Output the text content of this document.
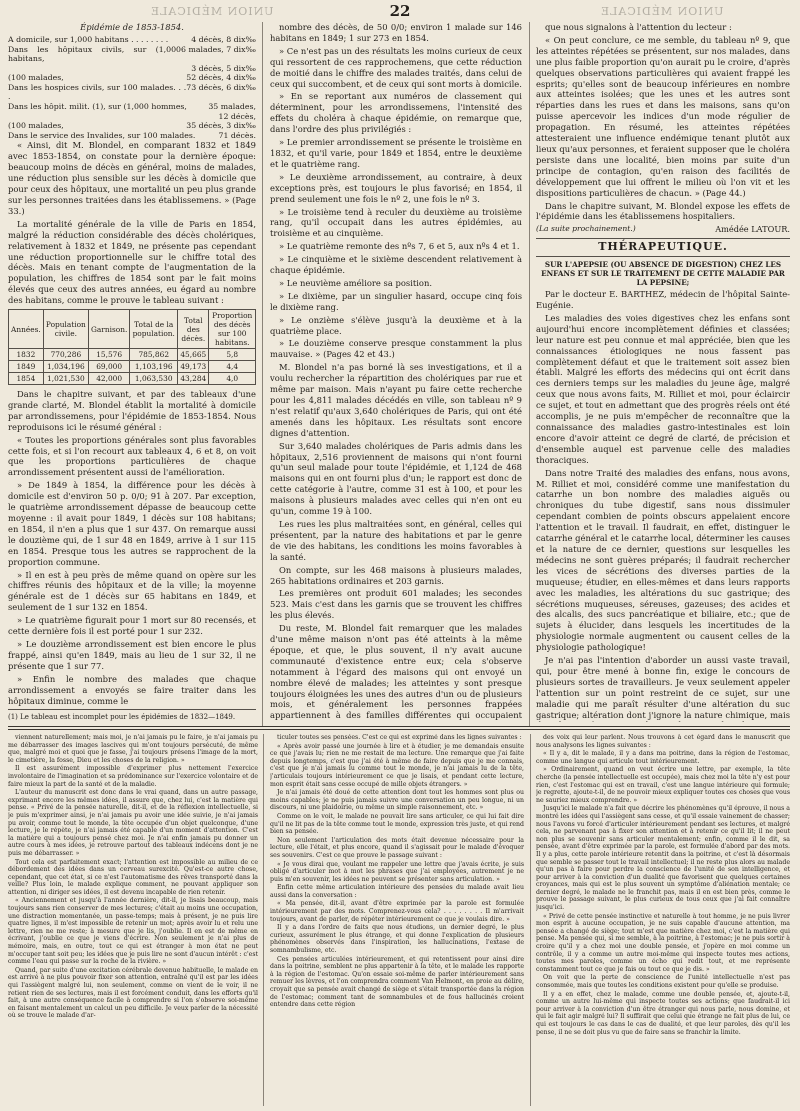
UNION MÉDICALE	22	UNION MÉDICALE

Épidémie de 1853-1854.

A domicile, sur 1,000 habitans . . . . . . . .	4 décès, 8 dix‰

Dans les hôpitaux civils, sur (1,000 habitans,
6 malades, 7 dix‰

3 décès, 5 dix‰

(100 malades,	52 décès, 4 dix‰

Dans les hospices civils, sur 100 malades. . . .
73 décès, 6 dix‰

Dans les hôpit. milit. (1), sur (1,000 hommes,	35 malades,

12 décès,

(100 malades,	35 décès, 3 dix‰

Dans le service des Invalides, sur 100 malades.	71 décès.

« Ainsi, dit M. Blondel, en comparant 1832 et 1849 avec 1853-1854, on constate pour la dernière époque: beaucoup moins de décès en général, moins de malades, une réduction plus sensible sur les décès à domicile que pour ceux des hôpitaux, une mortalité un peu plus grande sur les personnes traitées dans les établissemens. » (Page 33.)

La mortalité générale de la ville de Paris en 1854, malgré la réduction considérable des décès cholériques, relativement à 1832 et 1849, ne présente pas cependant une réduction proportionnelle sur le chiffre total des décès. Mais en tenant compte de l'augmentation de la population, les chiffres de 1854 sont par le fait moins élevés que ceux des autres années, eu égard au nombre des habitans, comme le prouve le tableau suivant :

Années.	Population civile.	Garnison.	Total de la population.	Total des décès.	Proportion des décès sur 100 habitans.
1832	770,286	15,576	785,862	45,665	5,8
1849	1,034,196	69,000	1,103,196	49,173	4,4
1854	1,021,530	42,000	1,063,530	43,284	4,0

Dans le chapitre suivant, et par des tableaux d'une grande clarté, M. Blondel établit la mortalité à domicile par arrondissemens, pour l'épidémie de 1853-1854. Nous reproduisons ici le résumé général :

« Toutes les proportions générales sont plus favorables cette fois, et si l'on recourt aux tableaux 4, 6 et 8, on voit que les proportions particulières de chaque arrondissement présentent aussi de l'amélioration.

» De 1849 à 1854, la différence pour les décès à domicile est d'environ 50 p. 0/0; 91 à 207. Par exception, le quatrième arrondissement dépasse de beaucoup cette moyenne : il avait pour 1849, 1 décès sur 108 habitans; en 1854, il n'en a plus que 1 sur 437. On remarque aussi le douzième qui, de 1 sur 48 en 1849, arrive à 1 sur 115 en 1854. Presque tous les autres se rapprochent de la proportion commune.

» Il en est à peu près de même quand on opère sur les chiffres réunis des hôpitaux et de la ville; la moyenne générale est de 1 décès sur 65 habitans en 1849, et seulement de 1 sur 132 en 1854.

» Le quatrième figurait pour 1 mort sur 80 recensés, et cette dernière fois il est porté pour 1 sur 232.

» Le douzième arrondissement est bien encore le plus frappé, ainsi qu'en 1849, mais au lieu de 1 sur 32, il ne présente que 1 sur 77.

» Enfin le nombre des malades que chaque arrondissement a envoyés se faire traiter dans les hôpitaux diminue, comme le

(1) Le tableau est incomplet pour les épidémies de 1832—1849.

nombre des décès, de 50 0/0; environ 1 malade sur 146 habitans en 1849; 1 sur 273 en 1854.

» Ce n'est pas un des résultats les moins curieux de ceux qui ressortent de ces rapprochemens, que cette réduction de moitié dans le chiffre des malades traités, dans celui de ceux qui succombent, et de ceux qui sont morts à domicile.

» En se reportant aux numéros de classement qui déterminent, pour les arrondissemens, l'intensité des effets du choléra à chaque épidémie, on remarque que, dans l'ordre des plus privilégiés :

» Le premier arrondissement se présente le troisième en 1832, et qu'il varie, pour 1849 et 1854, entre le deuxième et le quatrième rang.

» Le deuxième arrondissement, au contraire, à deux exceptions près, est toujours le plus favorisé; en 1854, il prend seulement une fois le nº 2, une fois le nº 3.

» Le troisième tend à reculer du deuxième au troisième rang, qu'il occupait dans les autres épidémies, au troisième et au cinquième.

» Le quatrième remonte des nºs 7, 6 et 5, aux nºs 4 et 1.

» Le cinquième et le sixième descendent relativement à chaque épidémie.

» Le neuvième améliore sa position.

» Le dixième, par un singulier hasard, occupe cinq fois le dixième rang.

» Le onzième s'élève jusqu'à la deuxième et à la quatrième place.

» Le douzième conserve presque constamment la plus mauvaise. » (Pages 42 et 43.)

M. Blondel n'a pas borné là ses investigations, et il a voulu rechercher la répartition des cholériques par rue et même par maison. Mais n'ayant pu faire cette recherche pour les 4,811 malades décédés en ville, son tableau nº 9 n'est relatif qu'aux 3,640 cholériques de Paris, qui ont été amenés dans les hôpitaux. Les résultats sont encore dignes d'attention.

Sur 3,640 malades cholériques de Paris admis dans les hôpitaux, 2,516 proviennent de maisons qui n'ont fourni qu'un seul malade pour toute l'épidémie, et 1,124 de 468 maisons qui en ont fourni plus d'un; le rapport est donc de cette catégorie à l'autre, comme 31 est à 100, et pour les maisons à plusieurs malades avec celles qui n'en ont eu qu'un, comme 19 à 100.

Les rues les plus maltraitées sont, en général, celles qui présentent, par la nature des habitations et par le genre de vie des habitans, les conditions les moins favorables à la santé.

On compte, sur les 468 maisons à plusieurs malades, 265 habitations ordinaires et 203 garnis.

Les premières ont produit 601 malades; les secondes 523. Mais c'est dans les garnis que se trouvent les chiffres les plus élevés.

Du reste, M. Blondel fait remarquer que les malades d'une même maison n'ont pas été atteints à la même époque, et que, le plus souvent, il n'y avait aucune communauté d'existence entre eux; cela s'observe notamment à l'égard des maisons qui ont envoyé un nombre élevé de malades; les atteintes y sont presque toujours éloignées les unes des autres d'un ou de plusieurs mois, et généralement les personnes frappées appartiennent à des familles différentes qui occupaient

que nous signalons à l'attention du lecteur :

« On peut conclure, ce me semble, du tableau nº 9, que les atteintes répétées se présentent, sur nos malades, dans une plus faible proportion qu'on aurait pu le croire, d'après quelques observations particulières qui avaient frappé les esprits; qu'elles sont de beaucoup inférieures en nombre aux atteintes isolées; que les unes et les autres sont réparties dans les rues et dans les maisons, sans qu'on puisse apercevoir les indices d'un mode régulier de propagation. En résumé, les atteintes répétées attesteraient une influence endémique tenant plutôt aux lieux qu'aux personnes, et feraient supposer que le choléra persiste dans une localité, bien moins par suite d'un principe de contagion, qu'en raison des facilités de développement que lui offrent le milieu où l'on vit et les dispositions particulières de chacun. » (Page 44.)

Dans le chapitre suivant, M. Blondel expose les effets de l'épidémie dans les établissemens hospitaliers.

(La suite prochainement.)	Amédée LATOUR.

THÉRAPEUTIQUE.

SUR L'APEPSIE (OU ABSENCE DE DIGESTION) CHEZ LES ENFANS ET SUR LE TRAITEMENT DE CETTE MALADIE PAR LA PEPSINE;

Par le docteur E. BARTHEZ, médecin de l'hôpital Sainte-Eugénie.

Les maladies des voies digestives chez les enfans sont aujourd'hui encore incomplètement définies et classées; leur nature est peu connue et mal appréciée, bien que les connaissances étiologiques ne nous fassent pas complètement défaut et que le traitement soit assez bien établi. Malgré les efforts des médecins qui ont écrit dans ces derniers temps sur les maladies du jeune âge, malgré ceux que nous avons faits, M. Rilliet et moi, pour éclaircir ce sujet, et tout en admettant que des progrès réels ont été accomplis, je ne puis m'empêcher de reconnaître que la connaissance des maladies gastro-intestinales est loin encore d'avoir atteint ce degré de clarté, de précision et d'ensemble auquel est parvenue celle des maladies thoraciques.

Dans notre Traité des maladies des enfans, nous avons, M. Rilliet et moi, considéré comme une manifestation du catarrhe un bon nombre des maladies aiguës ou chroniques du tube digestif, sans nous dissimuler cependant combien de points obscurs appelaient encore l'attention et le travail. Il faudrait, en effet, distinguer le catarrhe général et le catarrhe local, déterminer les causes et la nature de ce dernier, questions sur lesquelles les médecins ne sont guères préparés; il faudrait rechercher les vices de sécrétions des diverses parties de la muqueuse; étudier, en elles-mêmes et dans leurs rapports avec les maladies, les altérations du suc gastrique; des sécrétions muqueuses, séreuses, gazeuses; des acides et des alcalis, des sucs pancréatique et biliaire, etc.; que de sujets à élucider, dans lesquels les incertitudes de la physiologie normale augmentent ou causent celles de la physiologie pathologique!

Je n'ai pas l'intention d'aborder un aussi vaste travail, qui, pour être mené à bonne fin, exige le concours de plusieurs sortes de travailleurs. Je veux seulement appeler l'attention sur un point restreint de ce sujet, sur une maladie qui me paraît résulter d'une altération du suc gastrique; altération dont j'ignore la nature chimique, mais

viennent naturellement; mais moi, je n'ai jamais pu le faire, je n'ai jamais pu me débarrasser des images lascives qui m'ont toujours persécuté, de même que, malgré moi et quoi que je fasse, j'ai toujours présens l'image de la mort, le cimetière, la fosse, Dieu et les choses de la religion. »

Il est assurément impossible d'exprimer plus nettement l'exercice involontaire de l'imagination et sa prédominance sur l'exercice volontaire et de faire mieux la part de la santé et de la maladie.

L'auteur du manuscrit est donc dans le vrai quand, dans un autre passage, exprimant encore les mêmes idées, il assure que, chez lui, c'est la matière qui pense. « Privé de la pensée naturelle, dit-il, et de la réflexion intellectuelle, si je puis m'exprimer ainsi, je n'ai jamais pu avoir une idée suivie, je n'ai jamais pu avoir, comme tout le monde, la tête occupée d'un objet quelconque, d'une lecture, je le répète, je n'ai jamais été capable d'un moment d'attention. C'est la matière qui a toujours pensé chez moi. Je n'ai enfin jamais pu donner un autre cours à mes idées, je retrouve partout des tableaux indécens dont je ne puis me débarrasser. »

Tout cela est parfaitement exact; l'attention est impossible au milieu de ce débordement des idées dans un cerveau surexcité. Qu'est-ce autre chose, cependant, que cet état, si ce n'est l'automatisme des rêves transporté dans la veille? Plus loin, le malade explique comment, ne pouvant appliquer son attention, ni diriger ses idées, il est devenu incapable de rien retenir.

« Anciennement et jusqu'à l'année dernière, dit-il, je lisais beaucoup, mais toujours sans rien conserver de mes lectures; c'était au moins une occupation, une distraction momentanée, un passe-temps; mais à présent, je ne puis lire quatre lignes, il m'est impossible de retenir un mot; après avoir lu et relu une lettre, rien ne me reste; à mesure que je lis, j'oublie. Il en est de même en écrivant, j'oublie ce que je viens d'écrire. Non seulement je n'ai plus de mémoire, mais, en outre, tout ce qui est étranger à mon état ne peut m'occuper tant soit peu; les idées que je puis lire ne sont d'aucun intérêt : c'est comme l'eau qui passe sur la roche de la rivière. »

Quand, par suite d'une excitation cérébrale devenue habituelle, le malade en est arrivé à ne plus pouvoir fixer son attention, entraîné qu'il est par les idées qui l'assiègent malgré lui, non seulement, comme on vient de le voir, il ne retient rien de ses lectures, mais il est forcément conduit, dans les efforts qu'il fait, à une autre conséquence facile à comprendre si l'on s'observe soi-même en faisant mentalement un calcul un peu difficile. Je veux parler de la nécessité où se trouve le malade d'ar-

ticuler toutes ses pensées. C'est ce qui est exprimé dans les lignes suivantes :

« Après avoir passé une journée à lire et à étudier, je me demandais ensuite ce que j'avais lu; rien ne me restait de ma lecture. Une remarque que j'ai faite depuis longtemps, c'est que j'ai été à même de faire depuis que je me connais, c'est que je n'ai jamais lu comme tout le monde, je n'ai jamais lu de la tête, j'articulais toujours intérieurement ce que je lisais, et pendant cette lecture, mon esprit était sans cesse occupé de mille objets étrangers. »

Je n'ai jamais été doué de cette attention dont tout les hommes sont plus ou moins capables; je ne puis jamais suivre une conversation un peu longue, ni un discours, ni une plaidoirie, ou même un simple raisonnement, etc. »

Comme on le voit, le malade ne pouvait lire sans articuler, ce qui lui fait dire qu'il ne lit pas de la tête comme tout le monde, expression très juste, et qui rend bien sa pensée.

Non seulement l'articulation des mots était devenue nécessaire pour la lecture, elle l'était, et plus encore, quand il s'agissait pour le malade d'évoquer ses souvenirs. C'est ce que prouve le passage suivant :

« Je vous dirai que, voulant me rappeler une lettre que j'avais écrite, je suis obligé d'articuler mot à mot les phrases que j'ai employées, autrement je ne puis m'en souvenir, les idées ne peuvent se présenter sans articulation. »

Enfin cette même articulation intérieure des pensées du malade avait lieu aussi dans la conversation :

« Ma pensée, dit-il, avant d'être exprimée par la parole est formulée intérieurement par des mots. Comprenez-vous cela? . . . . . . . . Il m'arrivait toujours, avant de parler, de répéter intérieurement ce que je voulais dire. »

Il y a dans l'ordre de faits que nous étudions, un dernier degré, le plus curieux, assurément le plus étrange, et qui donne l'explication de plusieurs phénomènes observés dans l'inspiration, les hallucinations, l'extase de somnambulisme, etc.

Ces pensées articulées intérieurement, et qui retentissent pour ainsi dire dans la poitrine, semblent ne plus appartenir à la tête, et le malade les rapporte à la région de l'estomac. Qu'on essaie soi-même de parler intérieurement sans remuer les lèvres, et l'on comprendra comment Van Helmont, en proie au délire, croyait que sa pensée avait changé de siège et s'était transportée dans la région de l'estomac; comment tant de somnambules et de fous hallucinés croient entendre dans cette région

des voix qui leur parlent. Nous trouvons à cet égard dans le manuscrit que nous analysons les lignes suivantes :

« Il y a, dit le malade, il y a dans ma poitrine, dans la région de l'estomac, comme une langue qui articule tout intérieurement.

» Ordinairement, quand on veut écrire une lettre, par exemple, la tête cherche (la pensée intellectuelle est occupée), mais chez moi la tête n'y est pour rien, c'est l'estomac qui est en travail, c'est une langue intérieure qui formule; je regrette, ajoute-t-il, de ne pouvoir mieux expliquer toutes ces choses que vous ne sauriez mieux comprendre. »

Jusqu'ici le malade n'a fait que décrire les phénomènes qu'il éprouve, il nous a montré les idées qui l'assiègent sans cesse, et qu'il essaie vainement de chasser; nous l'avons vu forcé d'articuler intérieurement pendant ses lectures, et malgré cela, ne parvenant pas à fixer son attention et à retenir ce qu'il lit; il ne peut non plus se souvenir sans articuler mentalement; enfin, comme il le dit, sa pensée, avant d'être exprimée par la parole, est formulée d'abord par des mots. Il y a plus, cette parole intérieure retentit dans la poitrine, et c'est là désormais que semble se passer tout le travail intellectuel; il ne reste plus alors au malade qu'un pas à faire pour perdre la conscience de l'unité de son intelligence, et pour arriver à la conviction d'un dualité que favorisent que quelques certaines croyances, mais qui est le plus souvent un symptôme d'aliénation mentale; ce dernier degré, le malade ne le franchit pas, mais il en est bien près, comme le prouve le passage suivant, le plus curieux de tous ceux que j'ai fait connaître jusqu'ici.

« Privé de cette pensée instinctive et naturelle à tout homme, je ne puis livrer mon esprit à aucune occupation, je ne suis capable d'aucune attention, ma pensée a changé de siège; tout m'est que matière chez moi, c'est la matière qui pense. Ma pensée qui, si me semble, à la poitrine, à l'estomac; je ne puis sortir à croire qu'il y a chez moi une double pensée, et j'opère en moi comme un contrôle, il y a comme un autre moi-même qui inspecte toutes mes actions, toutes mes paroles, comme un écho qui redit tout, et me représente constamment tout ce que je fais ou tout ce que je dis. »

On voit que la perte de conscience de l'unité intellectuelle n'est pas consommée, mais que toutes les conditions existent pour qu'elle se produise.

Il y a en effet, chez le malade, comme une double pensée, et, ajoute-t-il, comme un autre lui-même qui inspecte toutes ses actions; que faudrait-il ici pour arriver à la conviction d'un être étranger qui nous parle, nous domine, et qui le fait agir malgré lui? Il suffirait que celui que étrange ne fait plus de lui, ce qui est toujours le cas dans le cas de dualité, et que leur paroles, dès qu'il les pense, il ne se doit plus vu que de faire sans se franchir la limite.
